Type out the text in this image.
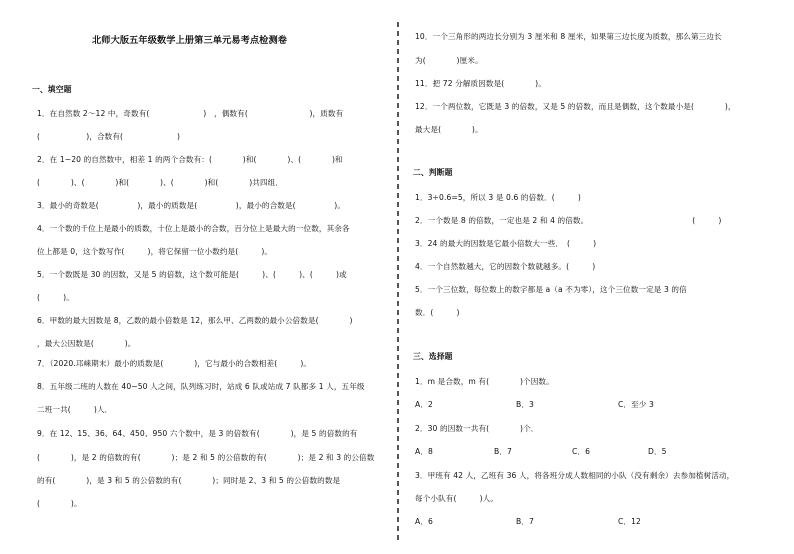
北师大版五年级数学上册第三单元易考点检测卷
一、填空题
1．在自然数 2～12 中，奇数有(　　　　　　　)　，偶数有(　　　　　　　　)，质数有
(　　　　　　)，合数有(　　　　　　　)
2．在 1~20 的自然数中，相差 1 的两个合数有：(　　　　)和(　　　　)、(　　　　)和
(　　　　)、(　　　　)和(　　　　)、(　　　　)和(　　　　)共四组．
3．最小的奇数是(　　　　　)，最小的质数是(　　　　　)，最小的合数是(　　　　　)。
4．一个数的千位上是最小的质数，十位上是最小的合数，百分位上是最大的一位数，其余各
位上都是 0，这个数写作(　　　)，将它保留一位小数约是(　　　)。
5．一个数既是 30 的因数，又是 5 的倍数，这个数可能是(　　　)、(　　　)、(　　　)或
(　　　)。
6．甲数的最大因数是 8，乙数的最小倍数是 12，那么甲、乙两数的最小公倍数是(　　　　)
，最大公因数是(　　　　)。
7．（2020.邛崃期末）最小的质数是(　　　　)，它与最小的合数相差(　　　)。
8．五年级二班的人数在 40~50 人之间，队列练习时，站成 6 队或站成 7 队都多 1 人，五年级
二班一共(　　　)人．
9．在 12、15、36、64、450、950 六个数中，是 3 的倍数有(　　　　)，是 5 的倍数的有
(　　　　)，是 2 的倍数的有(　　　　)；是 2 和 5 的公倍数的有(　　　　)；是 2 和 3 的公倍数
的有(　　　　)，是 3 和 5 的公倍数的有(　　　　)；同时是 2、3 和 5 的公倍数的数是
(　　　　)。
10．一个三角形的两边长分别为 3 厘米和 8 厘米，如果第三边长度为质数，那么第三边长
为(　　　　)厘米。
11．把 72 分解质因数是(　　　　)。
12．一个两位数，它既是 3 的倍数，又是 5 的倍数，而且是偶数，这个数最小是(　　　　)，
最大是(　　　　)。
二、判断题
1．3÷0.6=5，所以 3 是 0.6 的倍数．(　　　)
2．一个数是 8 的倍数，一定也是 2 和 4 的倍数。　　　　　　　　　　　　　　(　　　)
3．24 的最大的因数是它最小倍数大一些．　(　　　)
4．一个自然数越大，它的因数个数就越多。(　　　)
5．一个三位数，每位数上的数字都是 a（a 不为零），这个三位数一定是 3 的倍
数．(　　　)
三、选择题
1．m 是合数，m 有(　　　　)个因数。
A．2	B．3	C．至少 3
2．30 的因数一共有(　　　　)个．
A．8	B．7	C．6	D．5
3．甲班有 42 人，乙班有 36 人，将各班分成人数相同的小队（没有剩余）去参加植树活动，
每个小队有(　　　)人。
A．6	B．7	C．12
